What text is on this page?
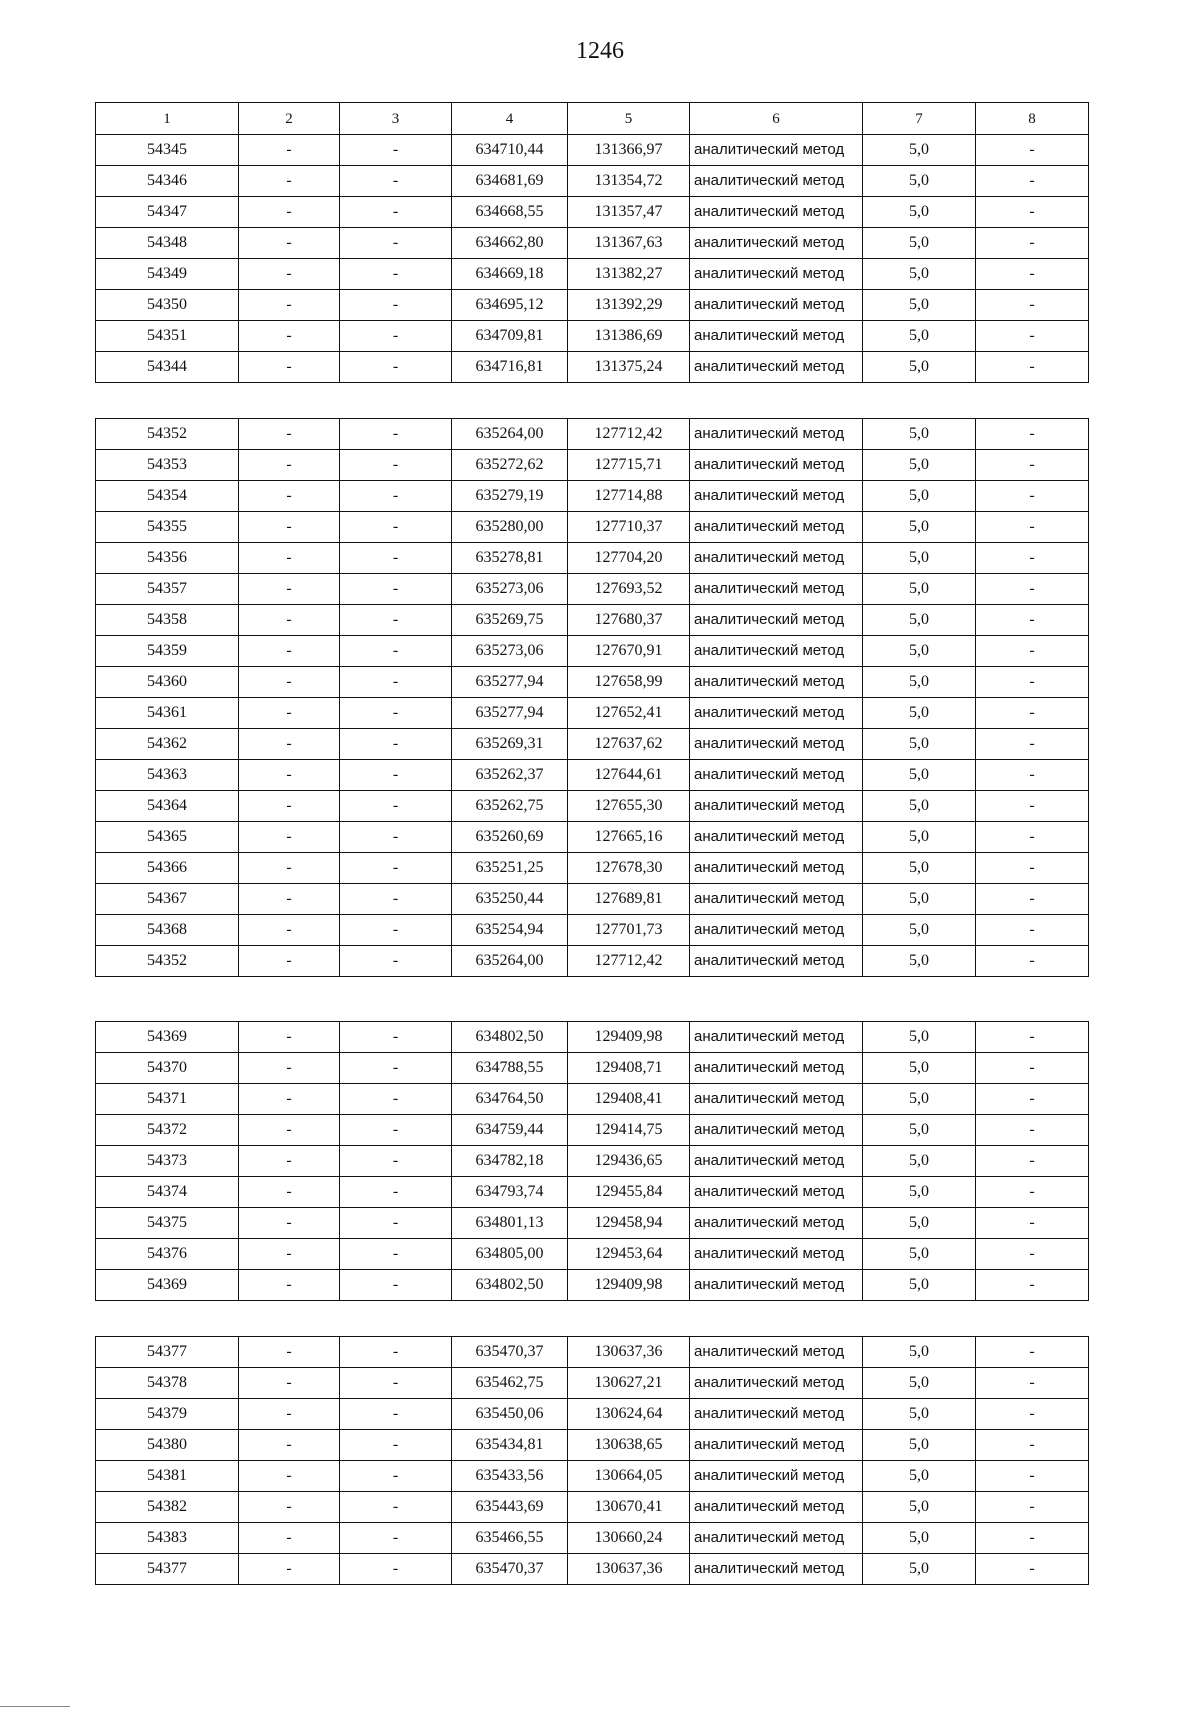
1246
1	2	3	4	5	6	7	8
54345	-	-	634710,44	131366,97	аналитический метод	5,0	-
54346	-	-	634681,69	131354,72	аналитический метод	5,0	-
54347	-	-	634668,55	131357,47	аналитический метод	5,0	-
54348	-	-	634662,80	131367,63	аналитический метод	5,0	-
54349	-	-	634669,18	131382,27	аналитический метод	5,0	-
54350	-	-	634695,12	131392,29	аналитический метод	5,0	-
54351	-	-	634709,81	131386,69	аналитический метод	5,0	-
54344	-	-	634716,81	131375,24	аналитический метод	5,0	-
54352	-	-	635264,00	127712,42	аналитический метод	5,0	-
54353	-	-	635272,62	127715,71	аналитический метод	5,0	-
54354	-	-	635279,19	127714,88	аналитический метод	5,0	-
54355	-	-	635280,00	127710,37	аналитический метод	5,0	-
54356	-	-	635278,81	127704,20	аналитический метод	5,0	-
54357	-	-	635273,06	127693,52	аналитический метод	5,0	-
54358	-	-	635269,75	127680,37	аналитический метод	5,0	-
54359	-	-	635273,06	127670,91	аналитический метод	5,0	-
54360	-	-	635277,94	127658,99	аналитический метод	5,0	-
54361	-	-	635277,94	127652,41	аналитический метод	5,0	-
54362	-	-	635269,31	127637,62	аналитический метод	5,0	-
54363	-	-	635262,37	127644,61	аналитический метод	5,0	-
54364	-	-	635262,75	127655,30	аналитический метод	5,0	-
54365	-	-	635260,69	127665,16	аналитический метод	5,0	-
54366	-	-	635251,25	127678,30	аналитический метод	5,0	-
54367	-	-	635250,44	127689,81	аналитический метод	5,0	-
54368	-	-	635254,94	127701,73	аналитический метод	5,0	-
54352	-	-	635264,00	127712,42	аналитический метод	5,0	-
54369	-	-	634802,50	129409,98	аналитический метод	5,0	-
54370	-	-	634788,55	129408,71	аналитический метод	5,0	-
54371	-	-	634764,50	129408,41	аналитический метод	5,0	-
54372	-	-	634759,44	129414,75	аналитический метод	5,0	-
54373	-	-	634782,18	129436,65	аналитический метод	5,0	-
54374	-	-	634793,74	129455,84	аналитический метод	5,0	-
54375	-	-	634801,13	129458,94	аналитический метод	5,0	-
54376	-	-	634805,00	129453,64	аналитический метод	5,0	-
54369	-	-	634802,50	129409,98	аналитический метод	5,0	-
54377	-	-	635470,37	130637,36	аналитический метод	5,0	-
54378	-	-	635462,75	130627,21	аналитический метод	5,0	-
54379	-	-	635450,06	130624,64	аналитический метод	5,0	-
54380	-	-	635434,81	130638,65	аналитический метод	5,0	-
54381	-	-	635433,56	130664,05	аналитический метод	5,0	-
54382	-	-	635443,69	130670,41	аналитический метод	5,0	-
54383	-	-	635466,55	130660,24	аналитический метод	5,0	-
54377	-	-	635470,37	130637,36	аналитический метод	5,0	-
